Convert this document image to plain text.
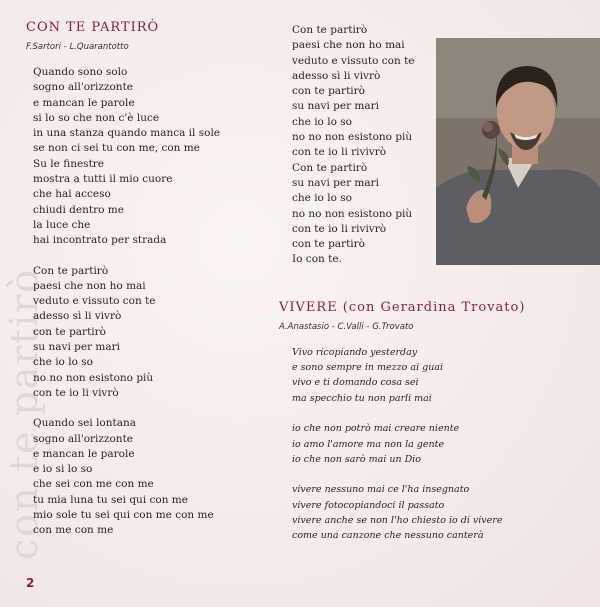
con te partirò
CON TE PARTIRÒ
F.Sartori - L.Quarantotto
Quando sono solo
sogno all'orizzonte
e mancan le parole
si lo so che non c'è luce
in una stanza quando manca il sole
se non ci sei tu con me, con me
Su le finestre
mostra a tutti il mio cuore
che hai acceso
chiudi dentro me
la luce che
hai incontrato per strada
Con te partirò
paesi che non ho mai
veduto e vissuto con te
adesso sì li vivrò
con te partirò
su navi per mari
che io lo so
no no non esistono più
con te io li vivrò
Quando sei lontana
sogno all'orizzonte
e mancan le parole
e io si lo so
che sei con me con me
tu mia luna tu sei qui con me
mio sole tu sei qui con me con me
con me con me
Con te partirò
paesi che non ho mai
veduto e vissuto con te
adesso sì li vivrò
con te partirò
su navi per mari
che io lo so
no no non esistono più
con te io li rivivrò
Con te partirò
su navi per mari
che io lo so
no no non esistono più
con te io li rivivrò
con te partirò
Io con te.
VIVERE (con Gerardina Trovato)
A.Anastasio - C.Valli - G.Trovato
Vivo ricopiando yesterday
e sono sempre in mezzo ai guai
vivo e ti domando cosa sei
ma specchio tu non parli mai
io che non potrò mai creare niente
io amo l'amore ma non la gente
io che non sarò mai un Dio
vivere nessuno mai ce l'ha insegnato
vivere fotocopiandoci il passato
vivere anche se non l'ho chiesto io di vivere
come una canzone che nessuno canterà
2
